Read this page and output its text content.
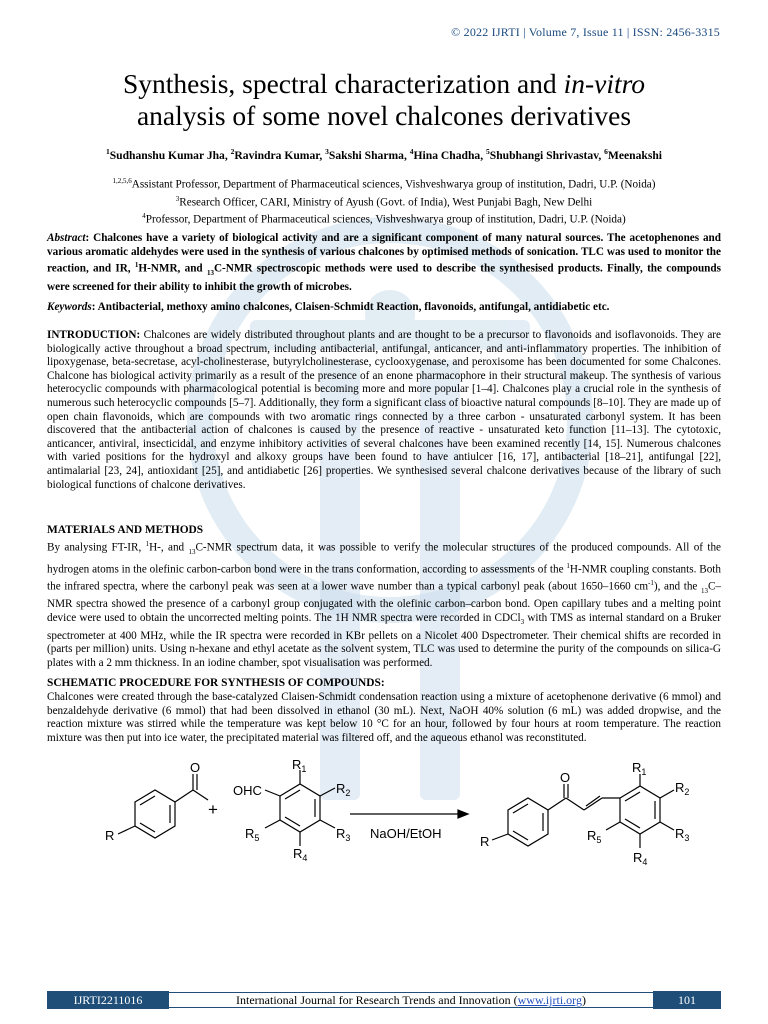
© 2022 IJRTI | Volume 7, Issue 11 | ISSN: 2456-3315
Synthesis, spectral characterization and in-vitro
analysis of some novel chalcones derivatives
$^1$Sudhanshu Kumar Jha, $^2$Ravindra Kumar, $^3$Sakshi Sharma, $^4$Hina Chadha, $^5$Shubhangi Shrivastav, $^6$Meenakshi
$^{1,2,5,6}$Assistant Professor, Department of Pharmaceutical sciences, Vishveshwarya group of institution, Dadri, U.P. (Noida)
$^3$Research Officer, CARI, Ministry of Ayush (Govt. of India), West Punjabi Bagh, New Delhi
$^4$Professor, Department of Pharmaceutical sciences, Vishveshwarya group of institution, Dadri, U.P. (Noida)
Abstract: Chalcones have a variety of biological activity and are a significant component of many natural sources. The acetophenones and various aromatic aldehydes were used in the synthesis of various chalcones by optimised methods of sonication. TLC was used to monitor the reaction, and IR, $^1$H-NMR, and $_{13}$C-NMR spectroscopic methods were used to describe the synthesised products. Finally, the compounds were screened for their ability to inhibit the growth of microbes.
Keywords: Antibacterial, methoxy amino chalcones, Claisen-Schmidt Reaction, flavonoids, antifungal, antidiabetic etc.
INTRODUCTION: Chalcones are widely distributed throughout plants and are thought to be a precursor to flavonoids and isoflavonoids. They are biologically active throughout a broad spectrum, including antibacterial, antifungal, anticancer, and anti-inflammatory properties. The inhibition of lipoxygenase, beta-secretase, acyl-cholinesterase, butyrylcholinesterase, cyclooxygenase, and peroxisome has been documented for some Chalcones. Chalcone has biological activity primarily as a result of the presence of an enone pharmacophore in their structural makeup. The synthesis of various heterocyclic compounds with pharmacological potential is becoming more and more popular [1–4]. Chalcones play a crucial role in the synthesis of numerous such heterocyclic compounds [5–7]. Additionally, they form a significant class of bioactive natural compounds [8–10]. They are made up of open chain flavonoids, which are compounds with two aromatic rings connected by a three carbon - unsaturated carbonyl system. It has been discovered that the antibacterial action of chalcones is caused by the presence of reactive - unsaturated keto function [11–13]. The cytotoxic, anticancer, antiviral, insecticidal, and enzyme inhibitory activities of several chalcones have been examined recently [14, 15]. Numerous chalcones with varied positions for the hydroxyl and alkoxy groups have been found to have antiulcer [16, 17], antibacterial [18–21], antifungal [22], antimalarial [23, 24], antioxidant [25], and antidiabetic [26] properties. We synthesised several chalcone derivatives because of the library of such biological functions of chalcone derivatives.
MATERIALS AND METHODS
By analysing FT-IR, $^1$H-, and $_{13}$C-NMR spectrum data, it was possible to verify the molecular structures of the produced compounds. All of the hydrogen atoms in the olefinic carbon-carbon bond were in the trans conformation, according to assessments of the $^1$H-NMR coupling constants. Both the infrared spectra, where the carbonyl peak was seen at a lower wave number than a typical carbonyl peak (about 1650–1660 $cm^{-1}$), and the $_{13}$C–NMR spectra showed the presence of a carbonyl group conjugated with the olefinic carbon–carbon bond. Open capillary tubes and a melting point device were used to obtain the uncorrected melting points. The 1H NMR spectra were recorded in CDCl$_3$ with TMS as internal standard on a Bruker spectrometer at 400 MHz, while the IR spectra were recorded in KBr pellets on a Nicolet 400 Dspectrometer. Their chemical shifts are recorded in (parts per million) units. Using n-hexane and ethyl acetate as the solvent system, TLC was used to determine the purity of the compounds on silica-G plates with a 2 mm thickness. In an iodine chamber, spot visualisation was performed.
SCHEMATIC PROCEDURE FOR SYNTHESIS OF COMPOUNDS:
Chalcones were created through the base-catalyzed Claisen-Schmidt condensation reaction using a mixture of acetophenone derivative (6 mmol) and benzaldehyde derivative (6 mmol) that had been dissolved in ethanol (30 mL). Next, NaOH 40% solution (6 mL) was added dropwise, and the reaction mixture was stirred while the temperature was kept below 10 °C for an hour, followed by four hours at room temperature. The reaction mixture was then put into ice water, the precipitated material was filtered off, and the aqueous ethanol was reconstituted.
O
R
+
OHC
$R_1$
$R_2$
$R_3$
$R_4$
$R_5$	NaOH/EtOH
O
R
$R_1$
$R_2$
$R_3$
$R_4$
$R_5$
IJRTI2211016	International Journal for Research Trends and Innovation (www.ijrti.org)	101
